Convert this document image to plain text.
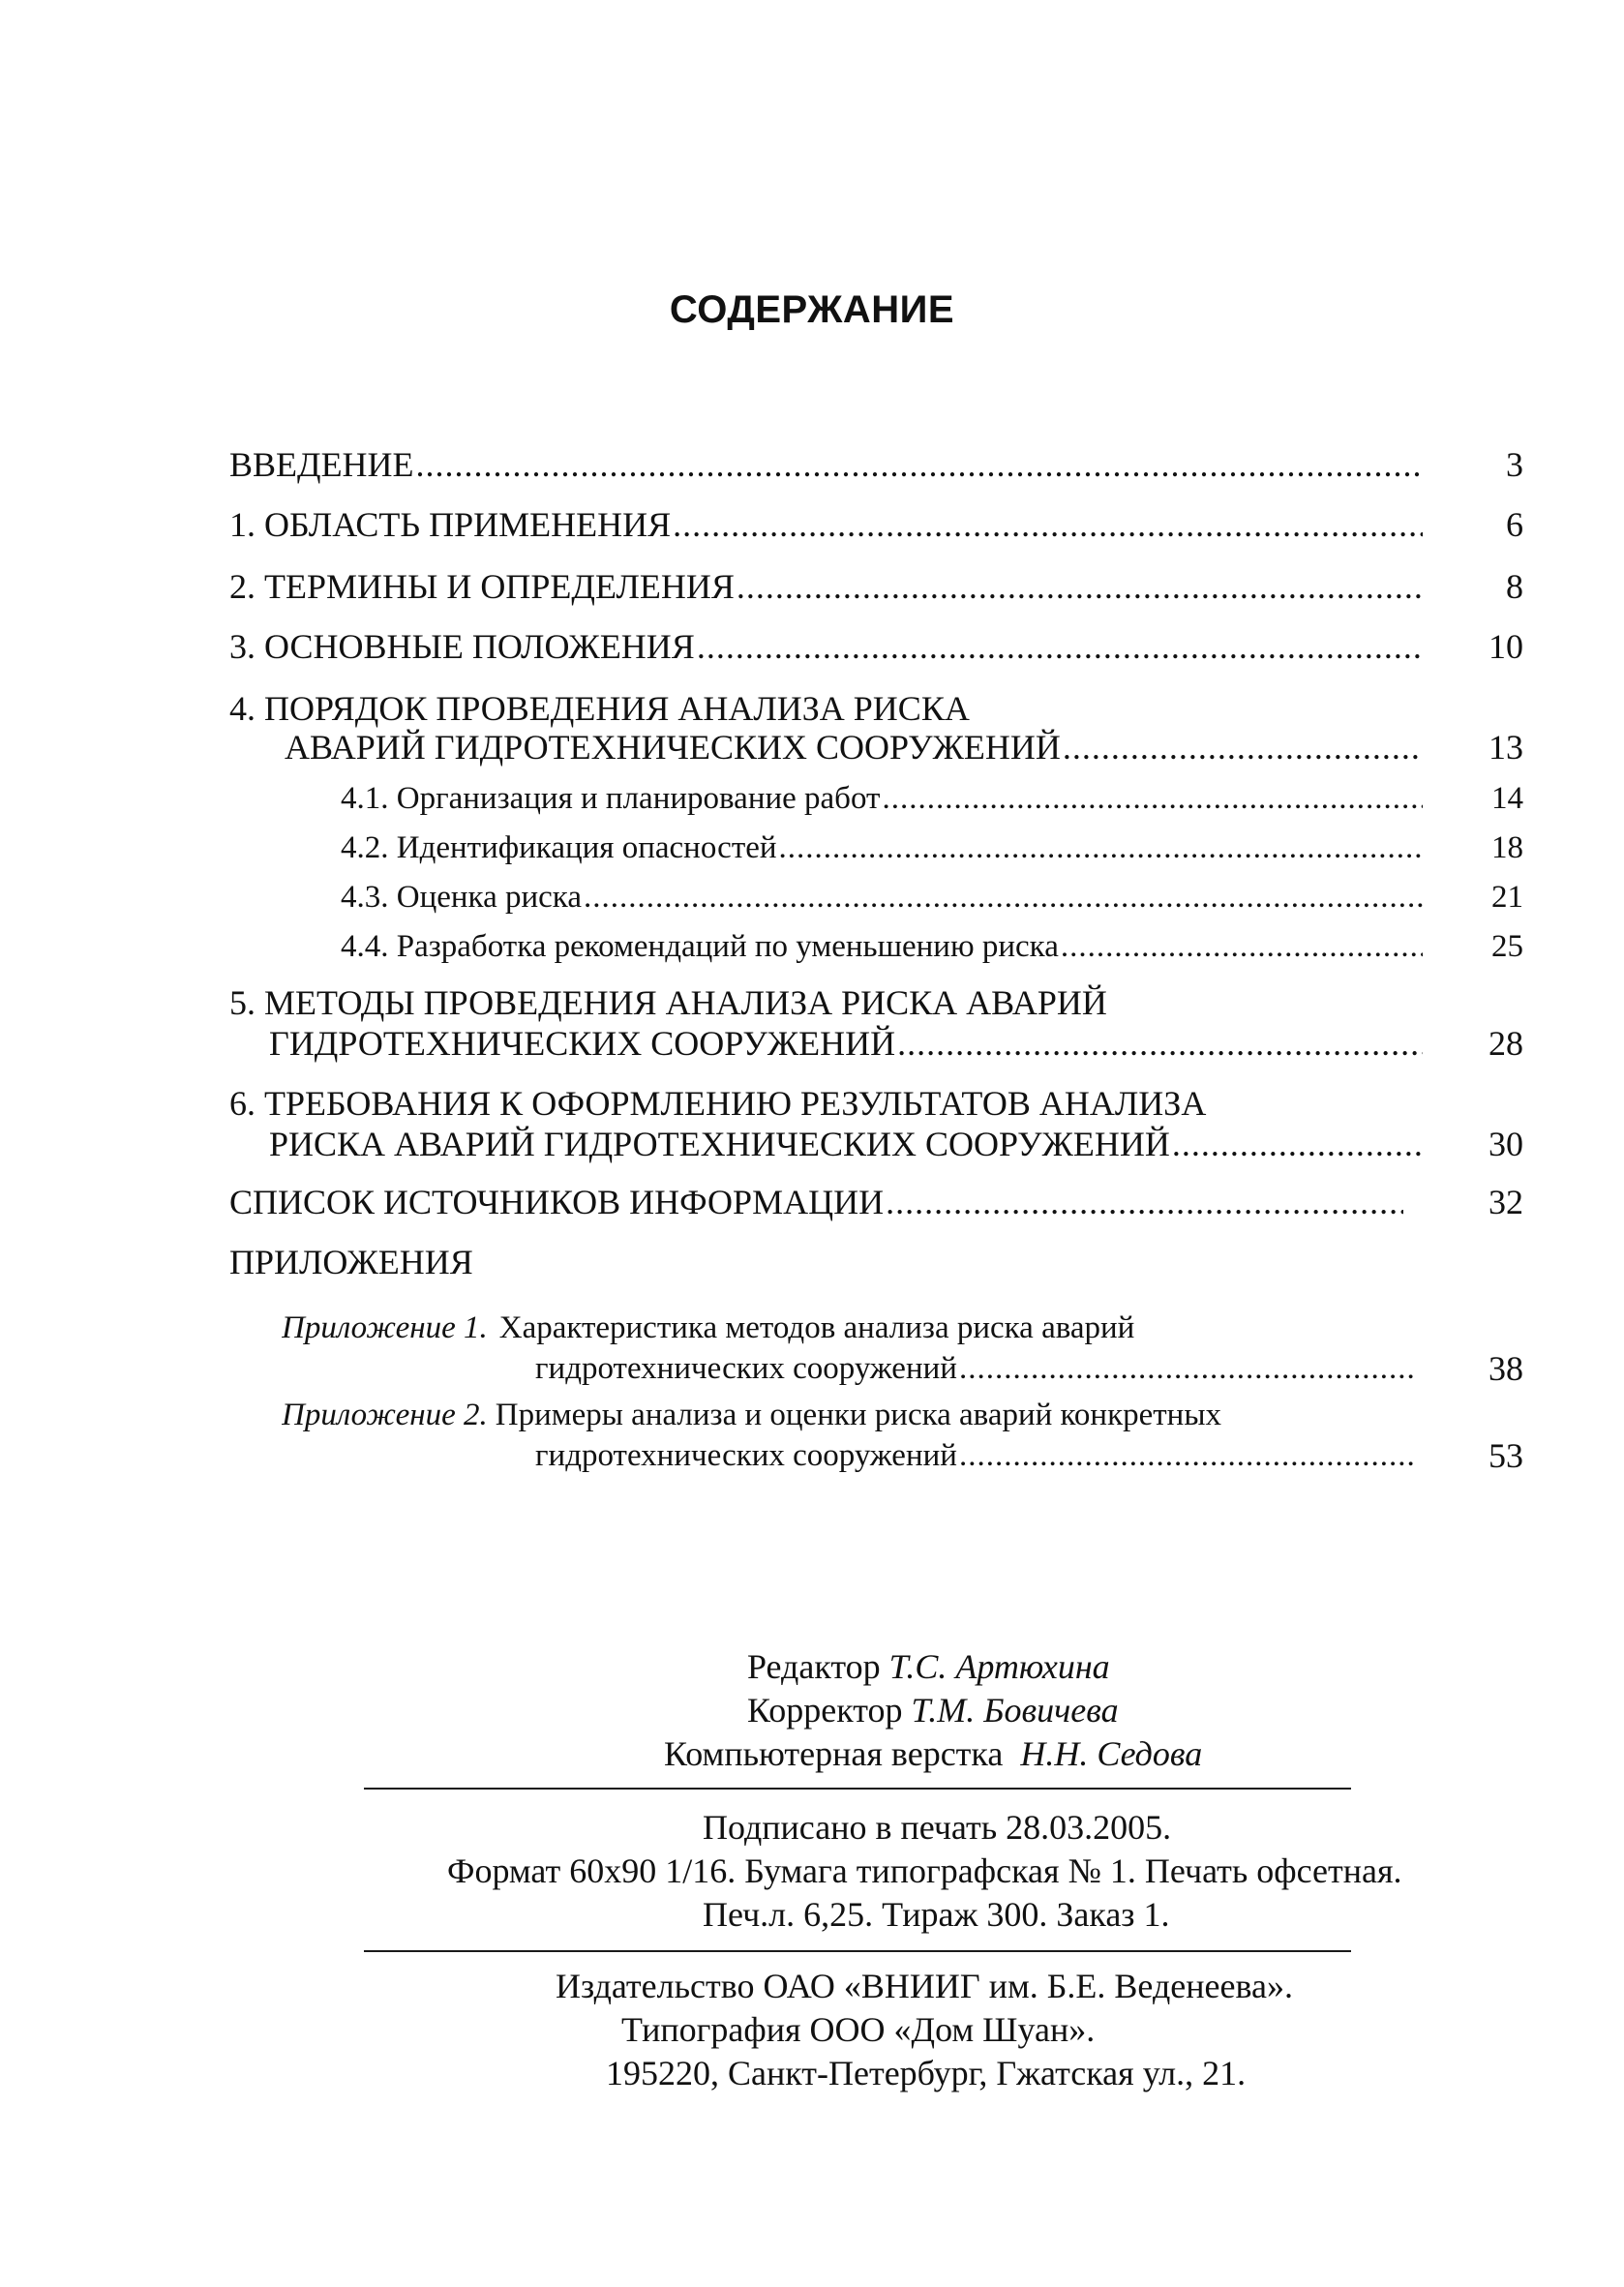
СОДЕРЖАНИЕ
ВВЕДЕНИЕ .....	3
1. ОБЛАСТЬ ПРИМЕНЕНИЯ .....	6
2. ТЕРМИНЫ И ОПРЕДЕЛЕНИЯ .....	8
3. ОСНОВНЫЕ ПОЛОЖЕНИЯ .....	10
4. ПОРЯДОК ПРОВЕДЕНИЯ АНАЛИЗА РИСКА
АВАРИЙ ГИДРОТЕХНИЧЕСКИХ СООРУЖЕНИЙ .....	13
4.1. Организация и планирование работ .....	14
4.2. Идентификация опасностей .....	18
4.3. Оценка риска .....	21
4.4. Разработка рекомендаций по уменьшению риска .....	25
5. МЕТОДЫ ПРОВЕДЕНИЯ АНАЛИЗА РИСКА АВАРИЙ
ГИДРОТЕХНИЧЕСКИХ СООРУЖЕНИЙ .....	28
6. ТРЕБОВАНИЯ К ОФОРМЛЕНИЮ РЕЗУЛЬТАТОВ АНАЛИЗА
РИСКА АВАРИЙ ГИДРОТЕХНИЧЕСКИХ СООРУЖЕНИЙ .....	30
СПИСОК ИСТОЧНИКОВ ИНФОРМАЦИИ .....	32
ПРИЛОЖЕНИЯ
Приложение 1. Характеристика методов анализа риска аварий
гидротехнических сооружений .....	38
Приложение 2. Примеры анализа и оценки риска аварий конкретных
гидротехнических сооружений .....	53
Редактор Т.С. Артюхина
Корректор Т.М. Бовичева
Компьютерная верстка Н.Н. Седова
Подписано в печать 28.03.2005.
Формат 60x90 1/16. Бумага типографская № 1. Печать офсетная.
Печ.л. 6,25. Тираж 300. Заказ 1.
Издательство ОАО «ВНИИГ им. Б.Е. Веденеева».
Типография ООО «Дом Шуан».
195220, Санкт-Петербург, Гжатская ул., 21.
